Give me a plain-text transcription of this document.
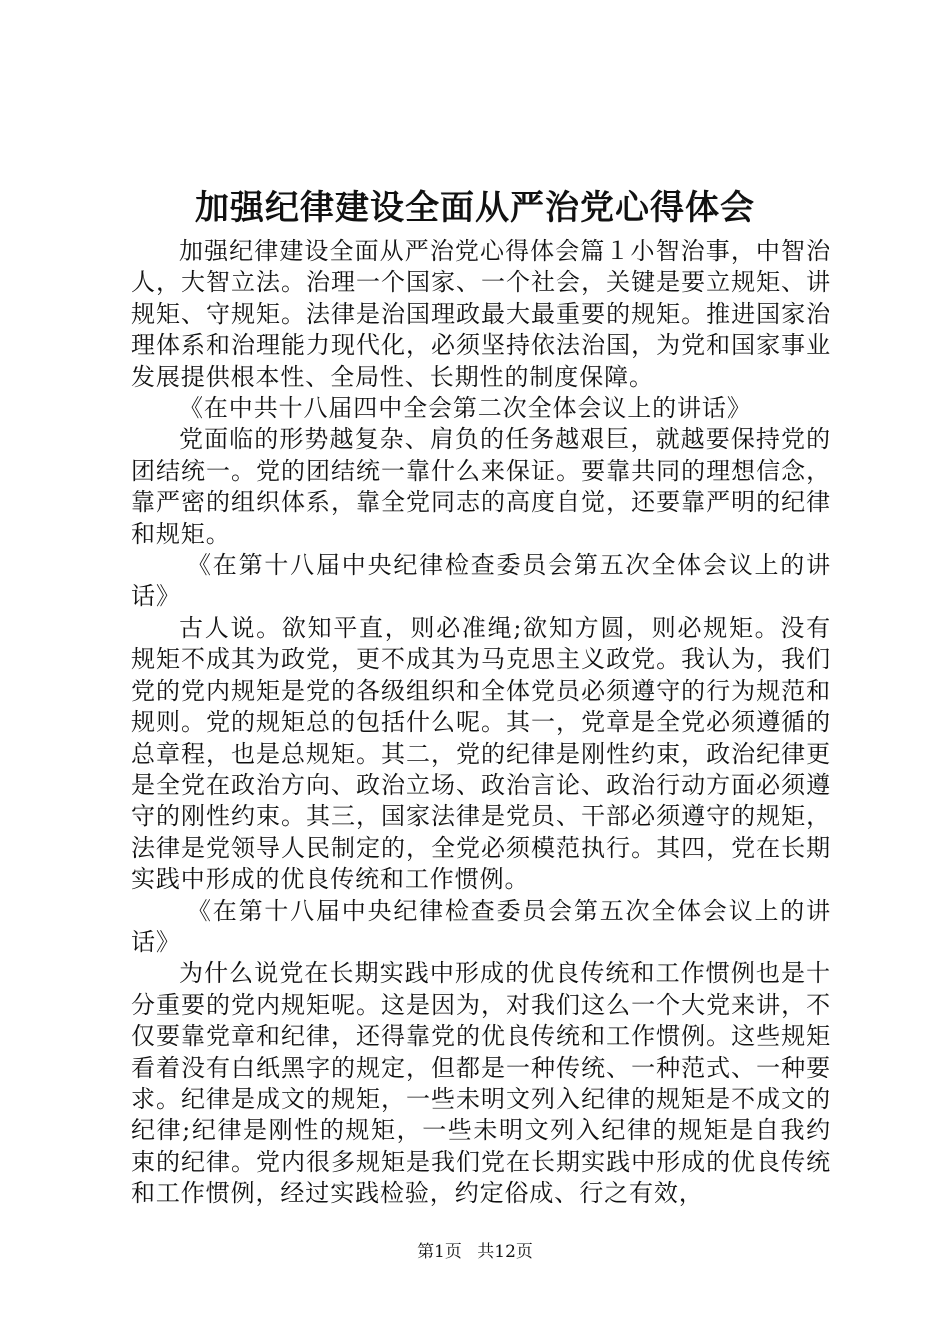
加强纪律建设全面从严治党心得体会

加强纪律建设全面从严治党心得体会篇１小智治事，中智治人，大智立法。治理一个国家、一个社会，关键是要立规矩、讲规矩、守规矩。法律是治国理政最大最重要的规矩。推进国家治理体系和治理能力现代化，必须坚持依法治国，为党和国家事业发展提供根本性、全局性、长期性的制度保障。

《在中共十八届四中全会第二次全体会议上的讲话》

党面临的形势越复杂、肩负的任务越艰巨，就越要保持党的团结统一。党的团结统一靠什么来保证。要靠共同的理想信念，靠严密的组织体系，靠全党同志的高度自觉，还要靠严明的纪律和规矩。

《在第十八届中央纪律检查委员会第五次全体会议上的讲话》

古人说。欲知平直，则必准绳;欲知方圆，则必规矩。没有规矩不成其为政党，更不成其为马克思主义政党。我认为，我们党的党内规矩是党的各级组织和全体党员必须遵守的行为规范和规则。党的规矩总的包括什么呢。其一，党章是全党必须遵循的总章程，也是总规矩。其二，党的纪律是刚性约束，政治纪律更是全党在政治方向、政治立场、政治言论、政治行动方面必须遵守的刚性约束。其三，国家法律是党员、干部必须遵守的规矩，法律是党领导人民制定的，全党必须模范执行。其四，党在长期实践中形成的优良传统和工作惯例。

《在第十八届中央纪律检查委员会第五次全体会议上的讲话》

为什么说党在长期实践中形成的优良传统和工作惯例也是十分重要的党内规矩呢。这是因为，对我们这么一个大党来讲，不仅要靠党章和纪律，还得靠党的优良传统和工作惯例。这些规矩看着没有白纸黑字的规定，但都是一种传统、一种范式、一种要求。纪律是成文的规矩，一些未明文列入纪律的规矩是不成文的纪律;纪律是刚性的规矩，一些未明文列入纪律的规矩是自我约束的纪律。党内很多规矩是我们党在长期实践中形成的优良传统和工作惯例，经过实践检验，约定俗成、行之有效，

第1页 共12页
